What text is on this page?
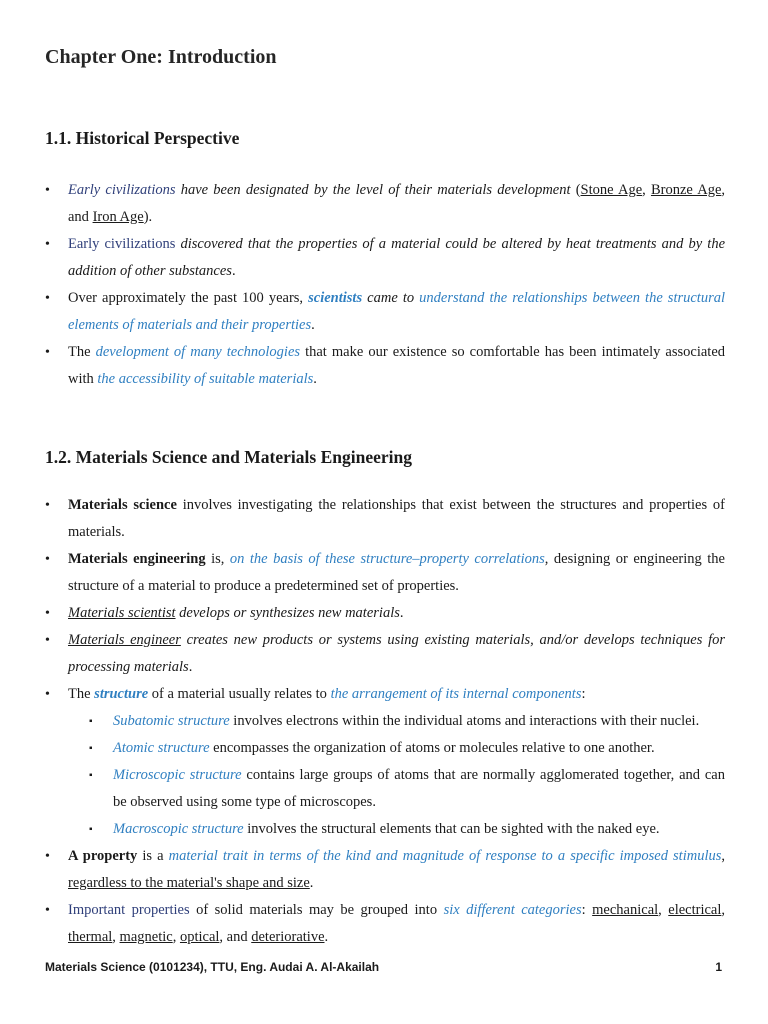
Chapter One: Introduction
1.1. Historical Perspective
• Early civilizations have been designated by the level of their materials development (Stone Age, Bronze Age, and Iron Age).
• Early civilizations discovered that the properties of a material could be altered by heat treatments and by the addition of other substances.
• Over approximately the past 100 years, scientists came to understand the relationships between the structural elements of materials and their properties.
• The development of many technologies that make our existence so comfortable has been intimately associated with the accessibility of suitable materials.
1.2. Materials Science and Materials Engineering
• Materials science involves investigating the relationships that exist between the structures and properties of materials.
• Materials engineering is, on the basis of these structure–property correlations, designing or engineering the structure of a material to produce a predetermined set of properties.
• Materials scientist develops or synthesizes new materials.
• Materials engineer creates new products or systems using existing materials, and/or develops techniques for processing materials.
• The structure of a material usually relates to the arrangement of its internal components:
▪ Subatomic structure involves electrons within the individual atoms and interactions with their nuclei.
▪ Atomic structure encompasses the organization of atoms or molecules relative to one another.
▪ Microscopic structure contains large groups of atoms that are normally agglomerated together, and can be observed using some type of microscopes.
▪ Macroscopic structure involves the structural elements that can be sighted with the naked eye.
• A property is a material trait in terms of the kind and magnitude of response to a specific imposed stimulus, regardless to the material's shape and size.
• Important properties of solid materials may be grouped into six different categories: mechanical, electrical, thermal, magnetic, optical, and deteriorative.
Materials Science (0101234), TTU, Eng. Audai A. Al-Akailah	1
